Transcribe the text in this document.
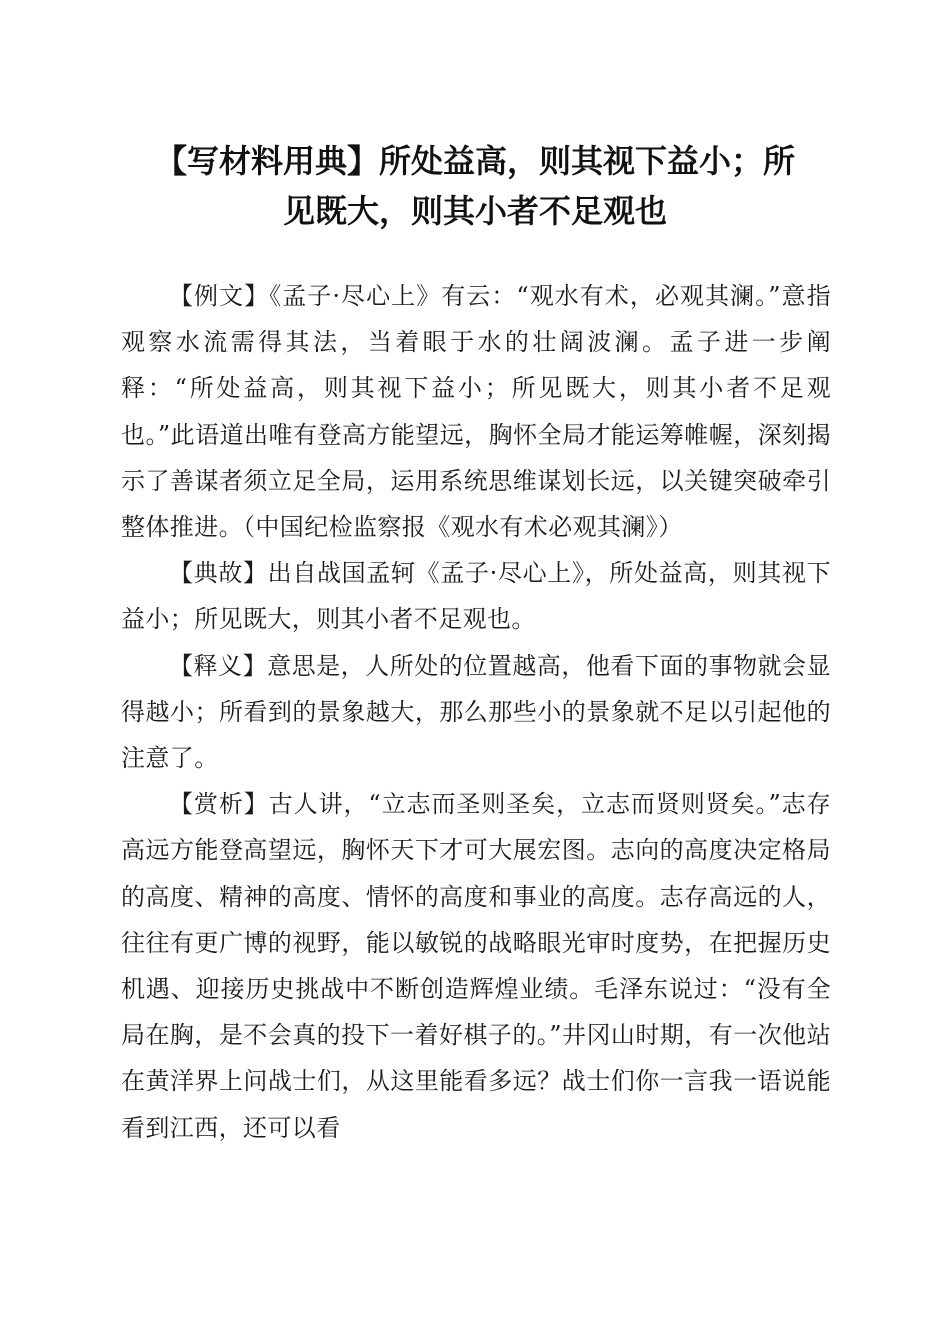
【写材料用典】所处益高，则其视下益小；所
见既大，则其小者不足观也

【例文】《孟子·尽心上》有云：“观水有术，必观其澜。”意指观察水流需得其法，当着眼于水的壮阔波澜。孟子进一步阐释：“所处益高，则其视下益小；所见既大，则其小者不足观也。”此语道出唯有登高方能望远，胸怀全局才能运筹帷幄，深刻揭示了善谋者须立足全局，运用系统思维谋划长远，以关键突破牵引整体推进。（中国纪检监察报《观水有术必观其澜》）

【典故】出自战国孟轲《孟子·尽心上》，所处益高，则其视下益小；所见既大，则其小者不足观也。

【释义】意思是，人所处的位置越高，他看下面的事物就会显得越小；所看到的景象越大，那么那些小的景象就不足以引起他的注意了。

【赏析】古人讲，“立志而圣则圣矣，立志而贤则贤矣。”志存高远方能登高望远，胸怀天下才可大展宏图。志向的高度决定格局的高度、精神的高度、情怀的高度和事业的高度。志存高远的人，往往有更广博的视野，能以敏锐的战略眼光审时度势，在把握历史机遇、迎接历史挑战中不断创造辉煌业绩。毛泽东说过：“没有全局在胸，是不会真的投下一着好棋子的。”井冈山时期，有一次他站在黄洋界上问战士们，从这里能看多远？战士们你一言我一语说能看到江西，还可以看
